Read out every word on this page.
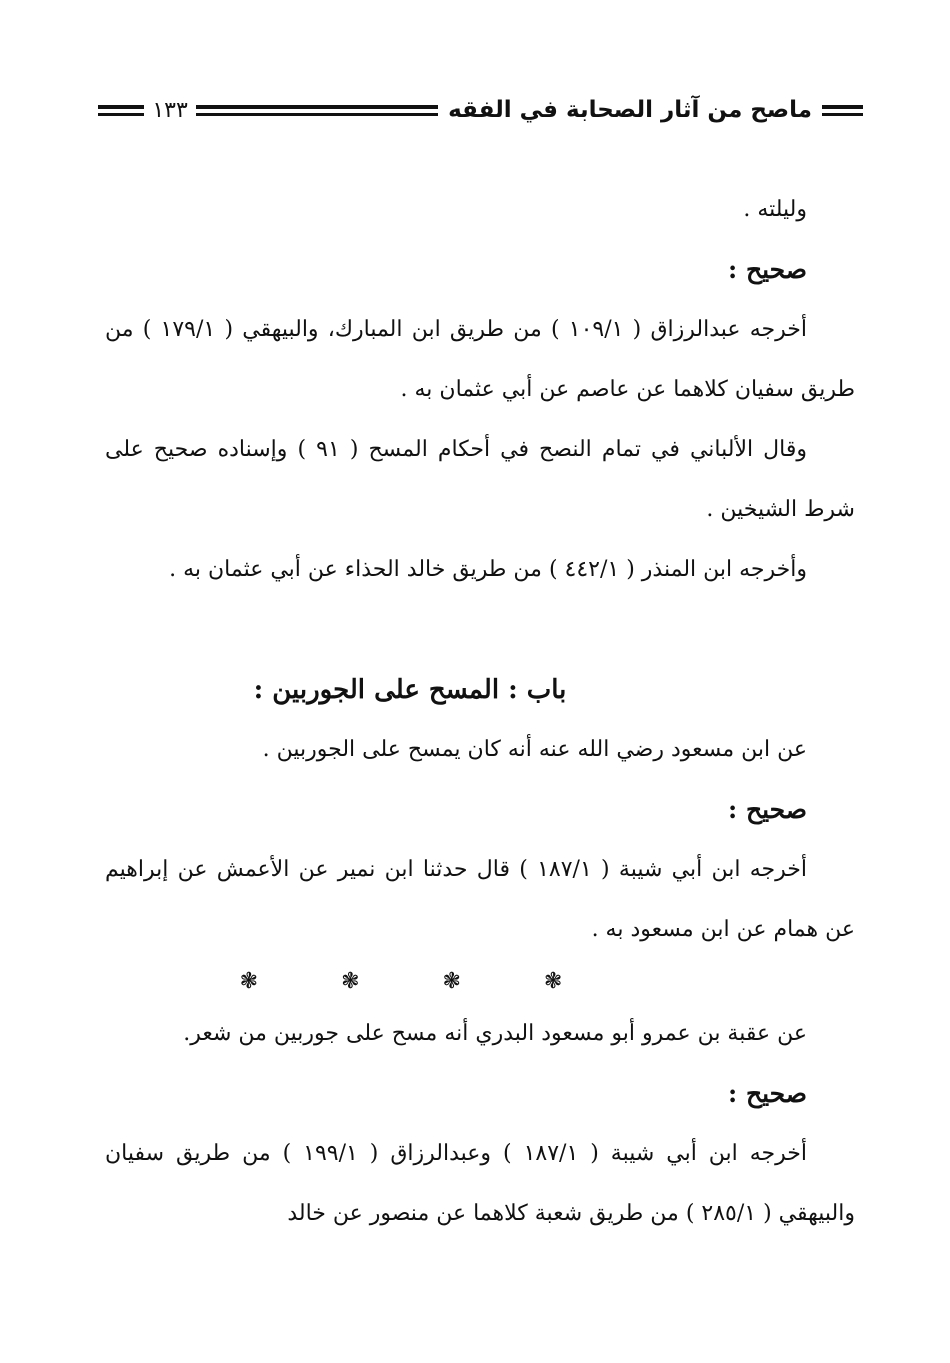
ماصح من آثار الصحابة في الفقه
١٣٣

وليلته .

صحيح :

أخرجه عبدالرزاق ( ١٠٩/١ ) من طريق ابن المبارك، والبيهقي ( ١٧٩/١ ) من طريق سفيان كلاهما عن عاصم عن أبي عثمان به .

وقال الألباني في تمام النصح في أحكام المسح ( ٩١ ) وإسناده صحيح على شرط الشيخين .

وأخرجه ابن المنذر ( ٤٤٢/١ ) من طريق خالد الحذاء عن أبي عثمان به .

باب : المسح على الجوربين :

عن ابن مسعود رضي الله عنه أنه كان يمسح على الجوربين .

صحيح :

أخرجه ابن أبي شيبة ( ١٨٧/١ ) قال حدثنا ابن نمير عن الأعمش عن إبراهيم عن همام عن ابن مسعود به .

❃ ❃ ❃ ❃

عن عقبة بن عمرو أبو مسعود البدري أنه مسح على جوربين من شعر.

صحيح :

أخرجه ابن أبي شيبة ( ١٨٧/١ ) وعبدالرزاق ( ١٩٩/١ ) من طريق سفيان والبيهقي ( ٢٨٥/١ ) من طريق شعبة كلاهما عن منصور عن خالد
